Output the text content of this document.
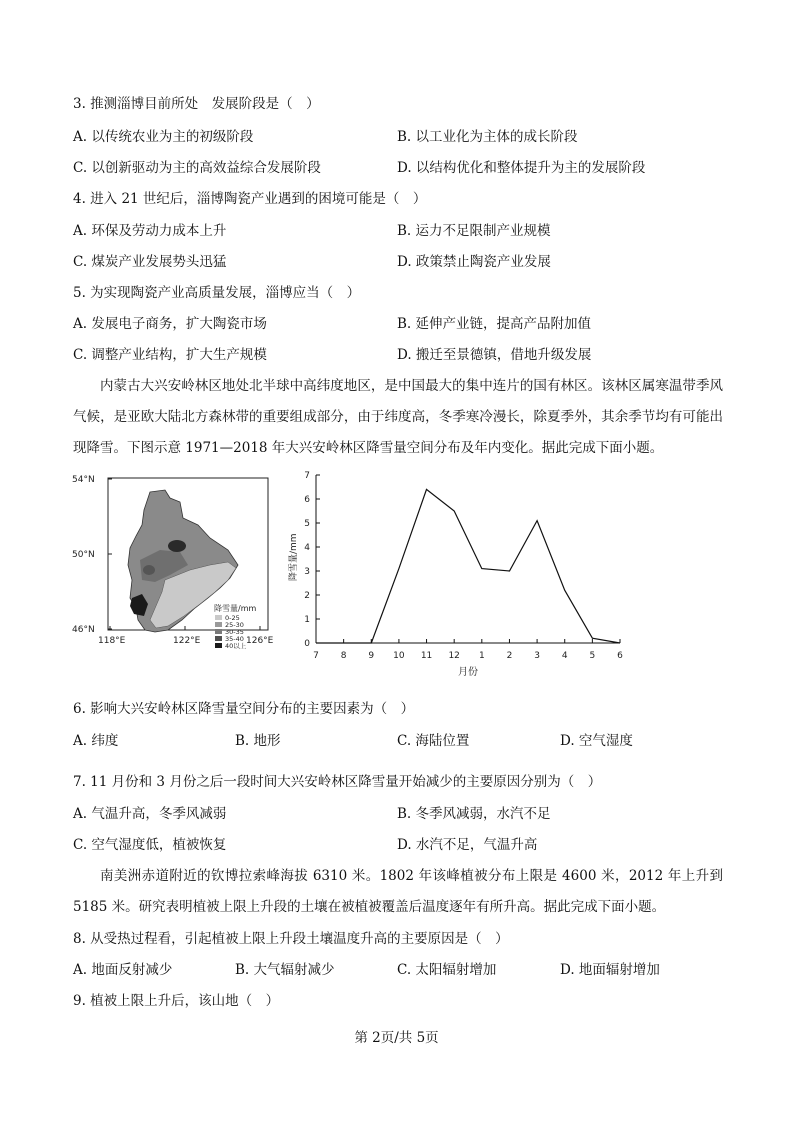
3. 推测淄博目前所处　发展阶段是（　）
A. 以传统农业为主的初级阶段	B. 以工业化为主体的成长阶段
C. 以创新驱动为主的高效益综合发展阶段	D. 以结构优化和整体提升为主的发展阶段
4. 进入 21 世纪后，淄博陶瓷产业遇到的困境可能是（　）
A. 环保及劳动力成本上升	B. 运力不足限制产业规模
C. 煤炭产业发展势头迅猛	D. 政策禁止陶瓷产业发展
5. 为实现陶瓷产业高质量发展，淄博应当（　）
A. 发展电子商务，扩大陶瓷市场	B. 延伸产业链，提高产品附加值
C. 调整产业结构，扩大生产规模	D. 搬迁至景德镇，借地升级发展
内蒙古大兴安岭林区地处北半球中高纬度地区，是中国最大的集中连片的国有林区。该林区属寒温带季风气候，是亚欧大陆北方森林带的重要组成部分，由于纬度高，冬季寒冷漫长，除夏季外，其余季节均有可能出现降雪。下图示意 1971—2018 年大兴安岭林区降雪量空间分布及年内变化。据此完成下面小题。
降雪量/mm
0-25
25-30
30-35
35-40
40以上
54°N
50°N
46°N
118°E	122°E	126°E	0
1
2
3
4
5
6
7
7 8 9 10 11 12 1 2 3 4 5 6
降雪量/mm
月份
6. 影响大兴安岭林区降雪量空间分布的主要因素为（　）
A. 纬度	B. 地形	C. 海陆位置	D. 空气湿度
7. 11 月份和 3 月份之后一段时间大兴安岭林区降雪量开始减少的主要原因分别为（　）
A. 气温升高，冬季风减弱	B. 冬季风减弱，水汽不足
C. 空气湿度低，植被恢复	D. 水汽不足，气温升高
南美洲赤道附近的钦博拉索峰海拔 6310 米。1802 年该峰植被分布上限是 4600 米，2012 年上升到 5185 米。研究表明植被上限上升段的土壤在被植被覆盖后温度逐年有所升高。据此完成下面小题。
8. 从受热过程看，引起植被上限上升段土壤温度升高的主要原因是（　）
A. 地面反射减少	B. 大气辐射减少	C. 太阳辐射增加	D. 地面辐射增加
9. 植被上限上升后，该山地（　）
第 2页/共 5页
